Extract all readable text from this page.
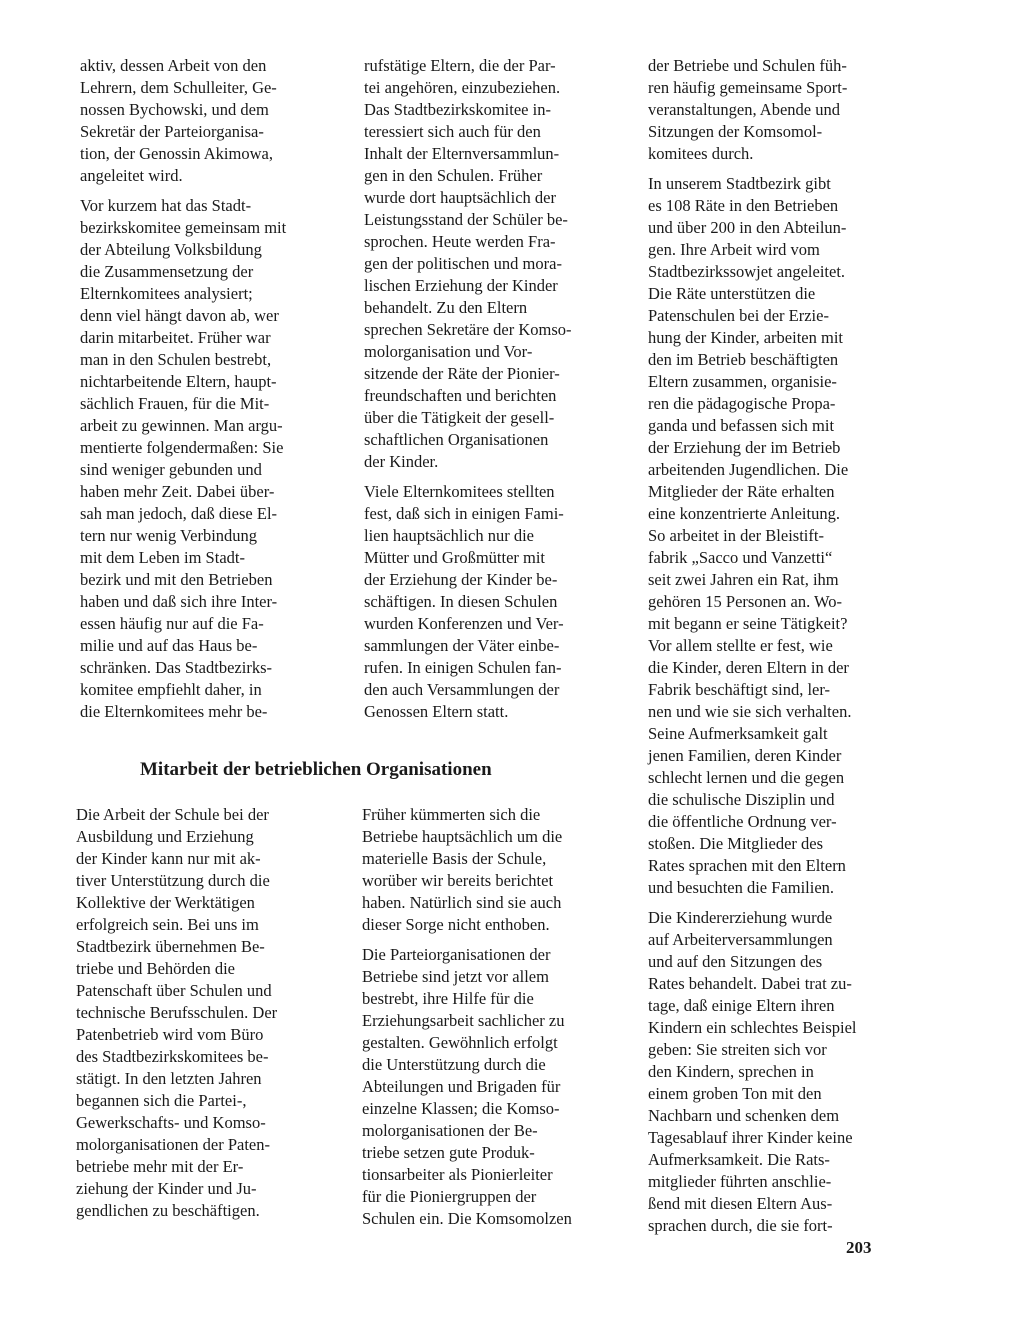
aktiv, dessen Arbeit von den
Lehrern, dem Schulleiter, Ge-
nossen Bychowski, und dem
Sekretär der Parteiorganisa-
tion, der Genossin Akimowa,
angeleitet wird.

Vor kurzem hat das Stadt-
bezirkskomitee gemeinsam mit
der Abteilung Volksbildung
die Zusammensetzung der
Elternkomitees analysiert;
denn viel hängt davon ab, wer
darin mitarbeitet. Früher war
man in den Schulen bestrebt,
nichtarbeitende Eltern, haupt-
sächlich Frauen, für die Mit-
arbeit zu gewinnen. Man argu-
mentierte folgendermaßen: Sie
sind weniger gebunden und
haben mehr Zeit. Dabei über-
sah man jedoch, daß diese El-
tern nur wenig Verbindung
mit dem Leben im Stadt-
bezirk und mit den Betrieben
haben und daß sich ihre Inter-
essen häufig nur auf die Fa-
milie und auf das Haus be-
schränken. Das Stadtbezirks-
komitee empfiehlt daher, in
die Elternkomitees mehr be-

rufstätige Eltern, die der Par-
tei angehören, einzubeziehen.
Das Stadtbezirkskomitee in-
teressiert sich auch für den
Inhalt der Elternversammlun-
gen in den Schulen. Früher
wurde dort hauptsächlich der
Leistungsstand der Schüler be-
sprochen. Heute werden Fra-
gen der politischen und mora-
lischen Erziehung der Kinder
behandelt. Zu den Eltern
sprechen Sekretäre der Komso-
molorganisation und Vor-
sitzende der Räte der Pionier-
freundschaften und berichten
über die Tätigkeit der gesell-
schaftlichen Organisationen
der Kinder.

Viele Elternkomitees stellten
fest, daß sich in einigen Fami-
lien hauptsächlich nur die
Mütter und Großmütter mit
der Erziehung der Kinder be-
schäftigen. In diesen Schulen
wurden Konferenzen und Ver-
sammlungen der Väter einbe-
rufen. In einigen Schulen fan-
den auch Versammlungen der
Genossen Eltern statt.

der Betriebe und Schulen füh-
ren häufig gemeinsame Sport-
veranstaltungen, Abende und
Sitzungen der Komsomol-
komitees durch.

In unserem Stadtbezirk gibt
es 108 Räte in den Betrieben
und über 200 in den Abteilun-
gen. Ihre Arbeit wird vom
Stadtbezirkssowjet angeleitet.
Die Räte unterstützen die
Patenschulen bei der Erzie-
hung der Kinder, arbeiten mit
den im Betrieb beschäftigten
Eltern zusammen, organisie-
ren die pädagogische Propa-
ganda und befassen sich mit
der Erziehung der im Betrieb
arbeitenden Jugendlichen. Die
Mitglieder der Räte erhalten
eine konzentrierte Anleitung.
So arbeitet in der Bleistift-
fabrik „Sacco und Vanzetti“
seit zwei Jahren ein Rat, ihm
gehören 15 Personen an. Wo-
mit begann er seine Tätigkeit?
Vor allem stellte er fest, wie
die Kinder, deren Eltern in der
Fabrik beschäftigt sind, ler-
nen und wie sie sich verhalten.
Seine Aufmerksamkeit galt
jenen Familien, deren Kinder
schlecht lernen und die gegen
die schulische Disziplin und
die öffentliche Ordnung ver-
stoßen. Die Mitglieder des
Rates sprachen mit den Eltern
und besuchten die Familien.

Die Kindererziehung wurde
auf Arbeiterversammlungen
und auf den Sitzungen des
Rates behandelt. Dabei trat zu-
tage, daß einige Eltern ihren
Kindern ein schlechtes Beispiel
geben: Sie streiten sich vor
den Kindern, sprechen in
einem groben Ton mit den
Nachbarn und schenken dem
Tagesablauf ihrer Kinder keine
Aufmerksamkeit. Die Rats-
mitglieder führten anschlie-
ßend mit diesen Eltern Aus-
sprachen durch, die sie fort-

Mitarbeit der betrieblichen Organisationen

Die Arbeit der Schule bei der
Ausbildung und Erziehung
der Kinder kann nur mit ak-
tiver Unterstützung durch die
Kollektive der Werktätigen
erfolgreich sein. Bei uns im
Stadtbezirk übernehmen Be-
triebe und Behörden die
Patenschaft über Schulen und
technische Berufsschulen. Der
Patenbetrieb wird vom Büro
des Stadtbezirkskomitees be-
stätigt. In den letzten Jahren
begannen sich die Partei-,
Gewerkschafts- und Komso-
molorganisationen der Paten-
betriebe mehr mit der Er-
ziehung der Kinder und Ju-
gendlichen zu beschäftigen.

Früher kümmerten sich die
Betriebe hauptsächlich um die
materielle Basis der Schule,
worüber wir bereits berichtet
haben. Natürlich sind sie auch
dieser Sorge nicht enthoben.

Die Parteiorganisationen der
Betriebe sind jetzt vor allem
bestrebt, ihre Hilfe für die
Erziehungsarbeit sachlicher zu
gestalten. Gewöhnlich erfolgt
die Unterstützung durch die
Abteilungen und Brigaden für
einzelne Klassen; die Komso-
molorganisationen der Be-
triebe setzen gute Produk-
tionsarbeiter als Pionierleiter
für die Pioniergruppen der
Schulen ein. Die Komsomolzen

203
